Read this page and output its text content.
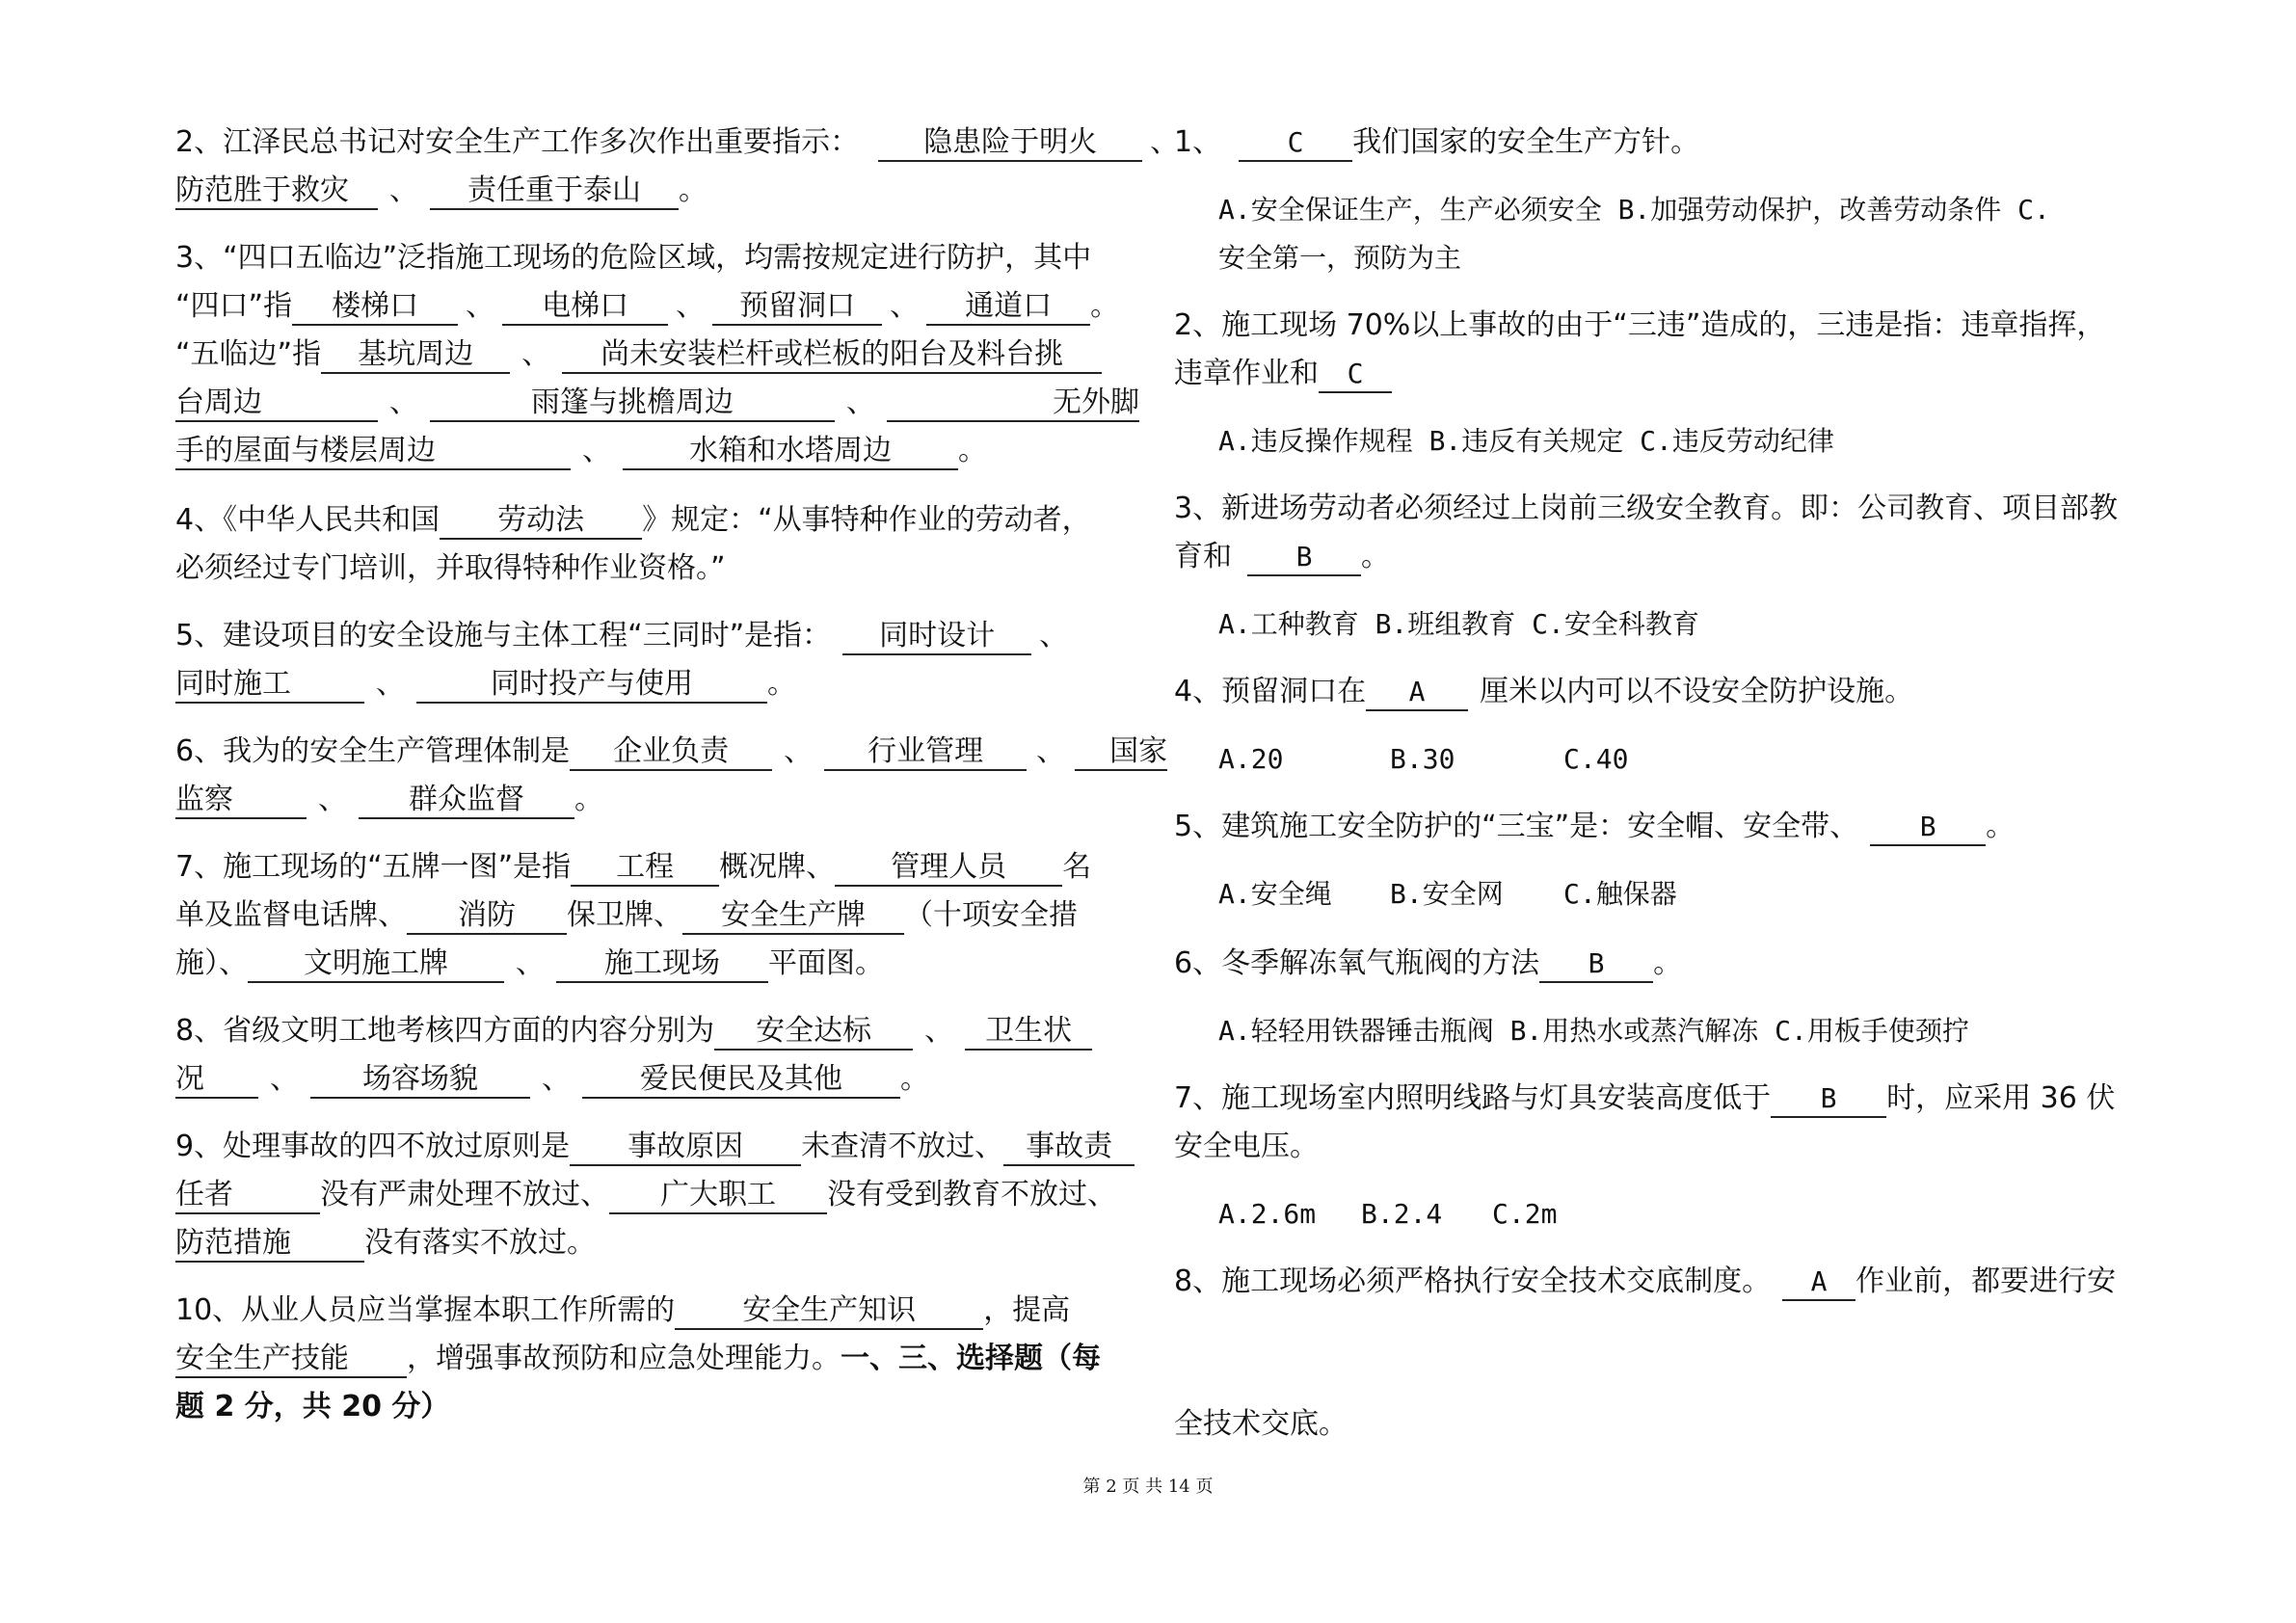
2、江泽民总书记对安全生产工作多次作出重要指示： 隐患险于明火 、
防范胜于救灾 、 责任重于泰山 。
3、“四口五临边”泛指施工现场的危险区域，均需按规定进行防护，其中
“四口”指 楼梯口 、 电梯口 、 预留洞口 、 通道口 。
“五临边”指 基坑周边 、 尚未安装栏杆或栏板的阳台及料台挑
台周边	、	雨篷与挑檐周边	、	无外脚
手的屋面与楼层周边	、	水箱和水塔周边 。
4、《中华人民共和国 劳动法 》规定：“从事特种作业的劳动者，
必须经过专门培训，并取得特种作业资格。”
5、建设项目的安全设施与主体工程“三同时”是指： 同时设计 、
同时施工	、	同时投产与使用	。
6、我为的安全生产管理体制是 企业负责 、 行业管理 、 国家
监察	、 群众监督 。
7、施工现场的“五牌一图”是指 工程 概况牌、 管理人员 名
单及监督电话牌、 消防 保卫牌、 安全生产牌 （十项安全措
施）、 文明施工牌 、 施工现场 平面图。
8、省级文明工地考核四方面的内容分别为 安全达标 、 卫生状
况 、 场容场貌 、 爱民便民及其他 。
9、处理事故的四不放过原则是 事故原因 未查清不放过、 事故责
任者	没有严肃处理不放过、 广大职工 没有受到教育不放过、
防范措施	没有落实不放过。
10、从业人员应当掌握本职工作所需的 安全生产知识 ，提高
安全生产技能 ，增强事故预防和应急处理能力。一、三、选择题（每
题 2 分，共 20 分）
1、 C 我们国家的安全生产方针。
A.安全保证生产，生产必须安全 B.加强劳动保护，改善劳动条件 C.
安全第一，预防为主
2、施工现场 70%以上事故的由于“三违”造成的，三违是指：违章指挥，
违章作业和 C
A.违反操作规程 B.违反有关规定 C.违反劳动纪律
3、新进场劳动者必须经过上岗前三级安全教育。即：公司教育、项目部教
育和 B 。
A.工种教育 B.班组教育 C.安全科教育
4、预留洞口在 A 厘米以内可以不设安全防护设施。
A.20	B.30	C.40
5、建筑施工安全防护的“三宝”是：安全帽、安全带、 B 。
A.安全绳 B.安全网 C.触保器
6、冬季解冻氧气瓶阀的方法 B 。
A.轻轻用铁器锤击瓶阀 B.用热水或蒸汽解冻 C.用板手使颈拧
7、施工现场室内照明线路与灯具安装高度低于 B 时，应采用 36 伏
安全电压。
A.2.6m B.2.4 C.2m
8、施工现场必须严格执行安全技术交底制度。 A 作业前，都要进行安
全技术交底。
第 2 页 共 14 页
